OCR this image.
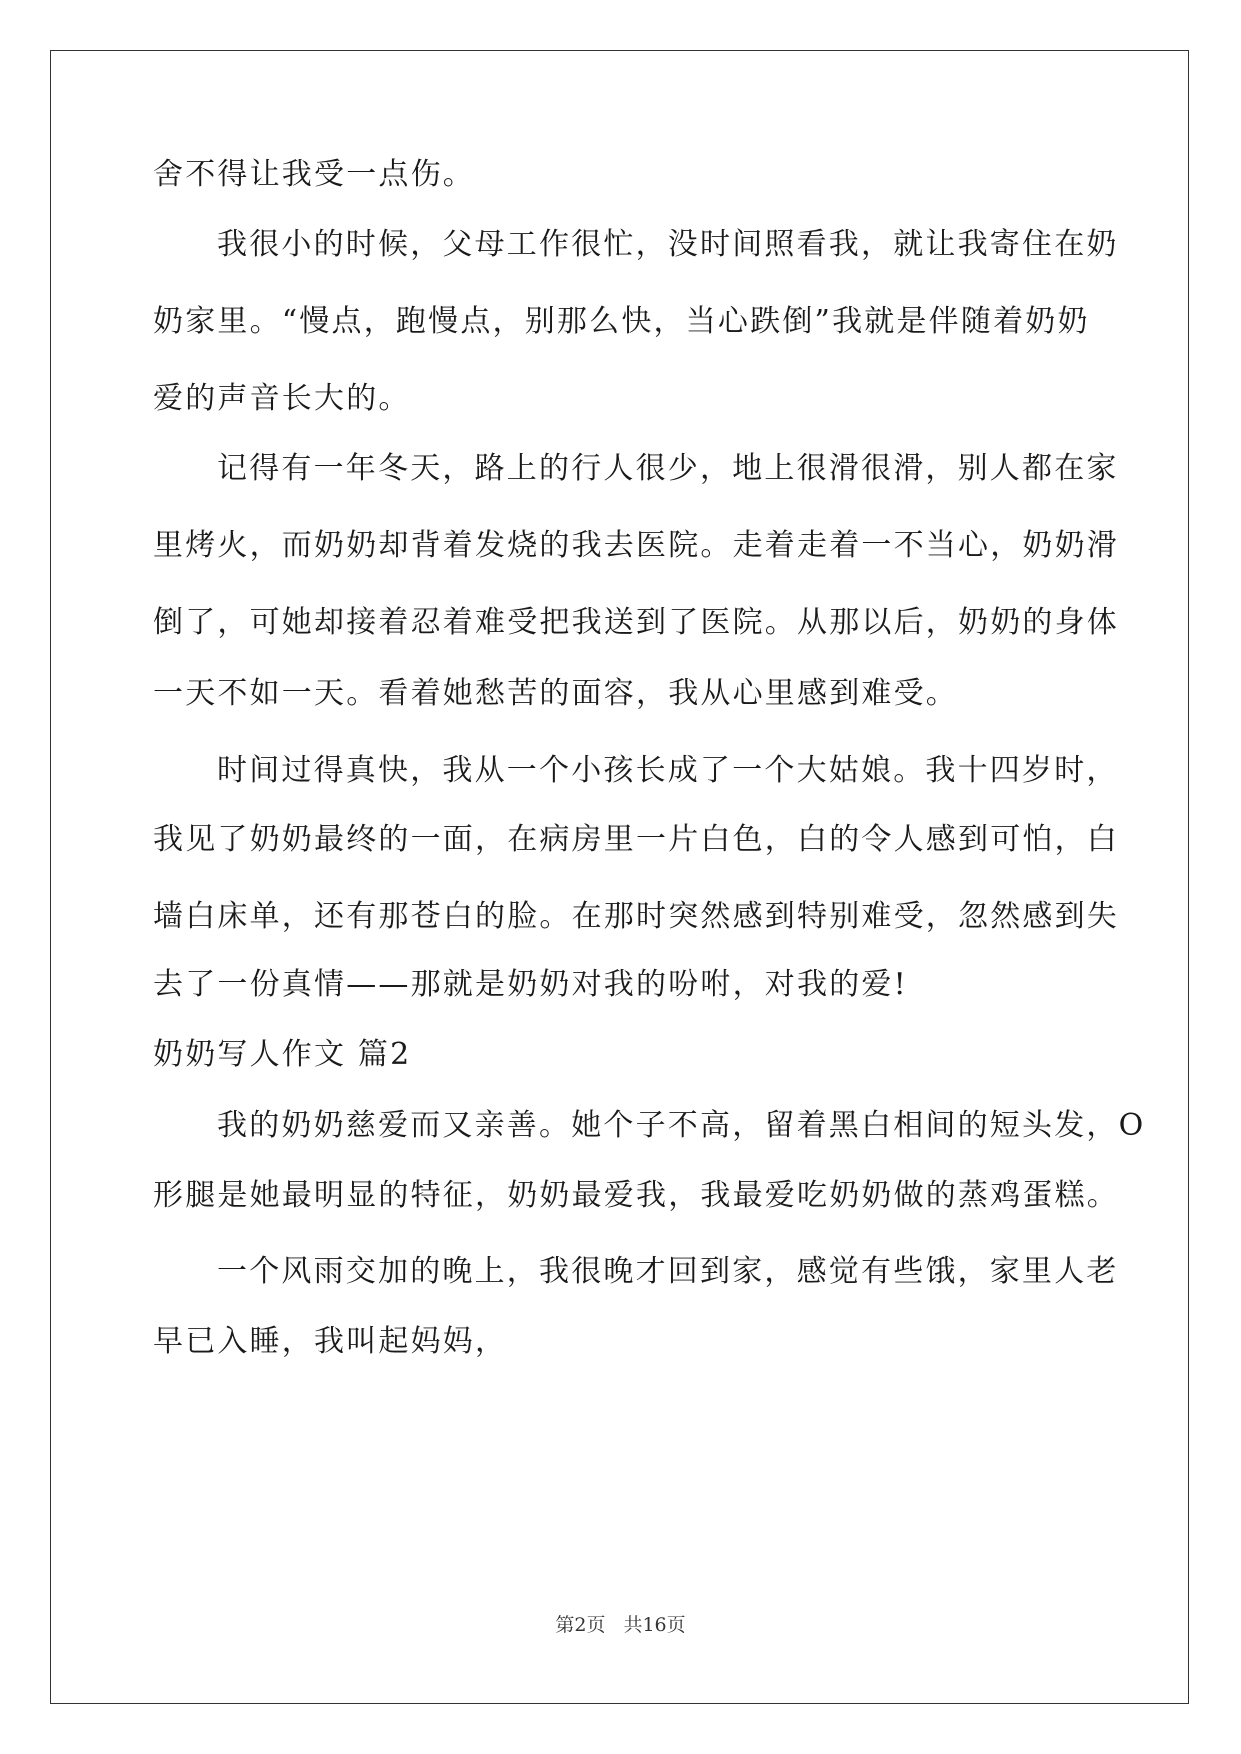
舍不得让我受一点伤。
我很小的时候，父母工作很忙，没时间照看我，就让我寄住在奶
奶家里。“慢点，跑慢点，别那么快，当心跌倒”我就是伴随着奶奶
爱的声音长大的。
记得有一年冬天，路上的行人很少，地上很滑很滑，别人都在家
里烤火，而奶奶却背着发烧的我去医院。走着走着一不当心，奶奶滑
倒了，可她却接着忍着难受把我送到了医院。从那以后，奶奶的身体
一天不如一天。看着她愁苦的面容，我从心里感到难受。
时间过得真快，我从一个小孩长成了一个大姑娘。我十四岁时，
我见了奶奶最终的一面，在病房里一片白色，白的令人感到可怕，白
墙白床单，还有那苍白的脸。在那时突然感到特别难受，忽然感到失
去了一份真情——那就是奶奶对我的吩咐，对我的爱!
奶奶写人作文 篇2
我的奶奶慈爱而又亲善。她个子不高，留着黑白相间的短头发，O
形腿是她最明显的特征，奶奶最爱我，我最爱吃奶奶做的蒸鸡蛋糕。
一个风雨交加的晚上，我很晚才回到家，感觉有些饿，家里人老
早已入睡，我叫起妈妈，
第2页 共16页
